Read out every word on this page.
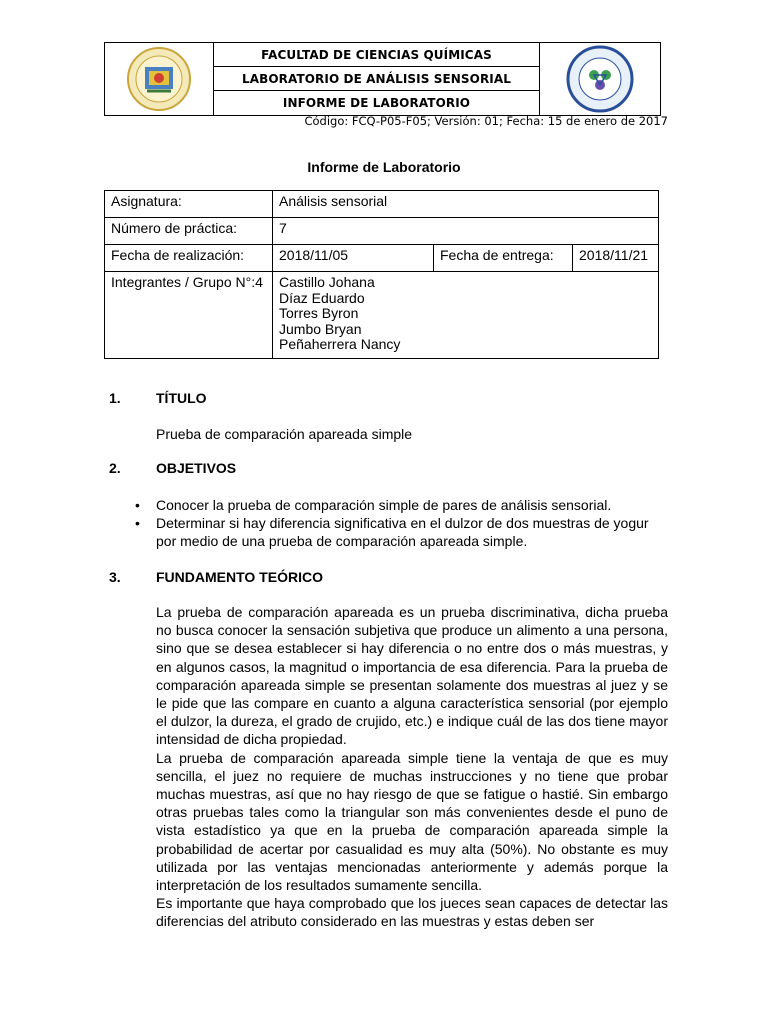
FACULTAD DE CIENCIAS QUÍMICAS
LABORATORIO DE ANÁLISIS SENSORIAL
INFORME DE LABORATORIO
Código: FCQ-P05-F05; Versión: 01; Fecha: 15 de enero de 2017
Informe de Laboratorio
Asignatura:	Análisis sensorial		
Número de práctica:	7		
Fecha de realización:	2018/11/05	Fecha de entrega:	2018/11/21
Integrantes / Grupo N°:4	Castillo Johana
Díaz Eduardo
Torres Byron
Jumbo Bryan
Peñaherrera Nancy		
1.	TÍTULO
Prueba de comparación apareada simple
2.	OBJETIVOS
• Conocer la prueba de comparación simple de pares de análisis sensorial.
• Determinar si hay diferencia significativa en el dulzor de dos muestras de yogur por medio de una prueba de comparación apareada simple.
3.	FUNDAMENTO TEÓRICO
La prueba de comparación apareada es un prueba discriminativa, dicha prueba no busca conocer la sensación subjetiva que produce un alimento a una persona, sino que se desea establecer si hay diferencia o no entre dos o más muestras, y en algunos casos, la magnitud o importancia de esa diferencia. Para la prueba de comparación apareada simple se presentan solamente dos muestras al juez y se le pide que las compare en cuanto a alguna característica sensorial (por ejemplo el dulzor, la dureza, el grado de crujido, etc.) e indique cuál de las dos tiene mayor intensidad de dicha propiedad.
La prueba de comparación apareada simple tiene la ventaja de que es muy sencilla, el juez no requiere de muchas instrucciones y no tiene que probar muchas muestras, así que no hay riesgo de que se fatigue o hastié. Sin embargo otras pruebas tales como la triangular son más convenientes desde el puno de vista estadístico ya que en la prueba de comparación apareada simple la probabilidad de acertar por casualidad es muy alta (50%). No obstante es muy utilizada por las ventajas mencionadas anteriormente y además porque la interpretación de los resultados sumamente sencilla.
Es importante que haya comprobado que los jueces sean capaces de detectar las diferencias del atributo considerado en las muestras y estas deben ser
